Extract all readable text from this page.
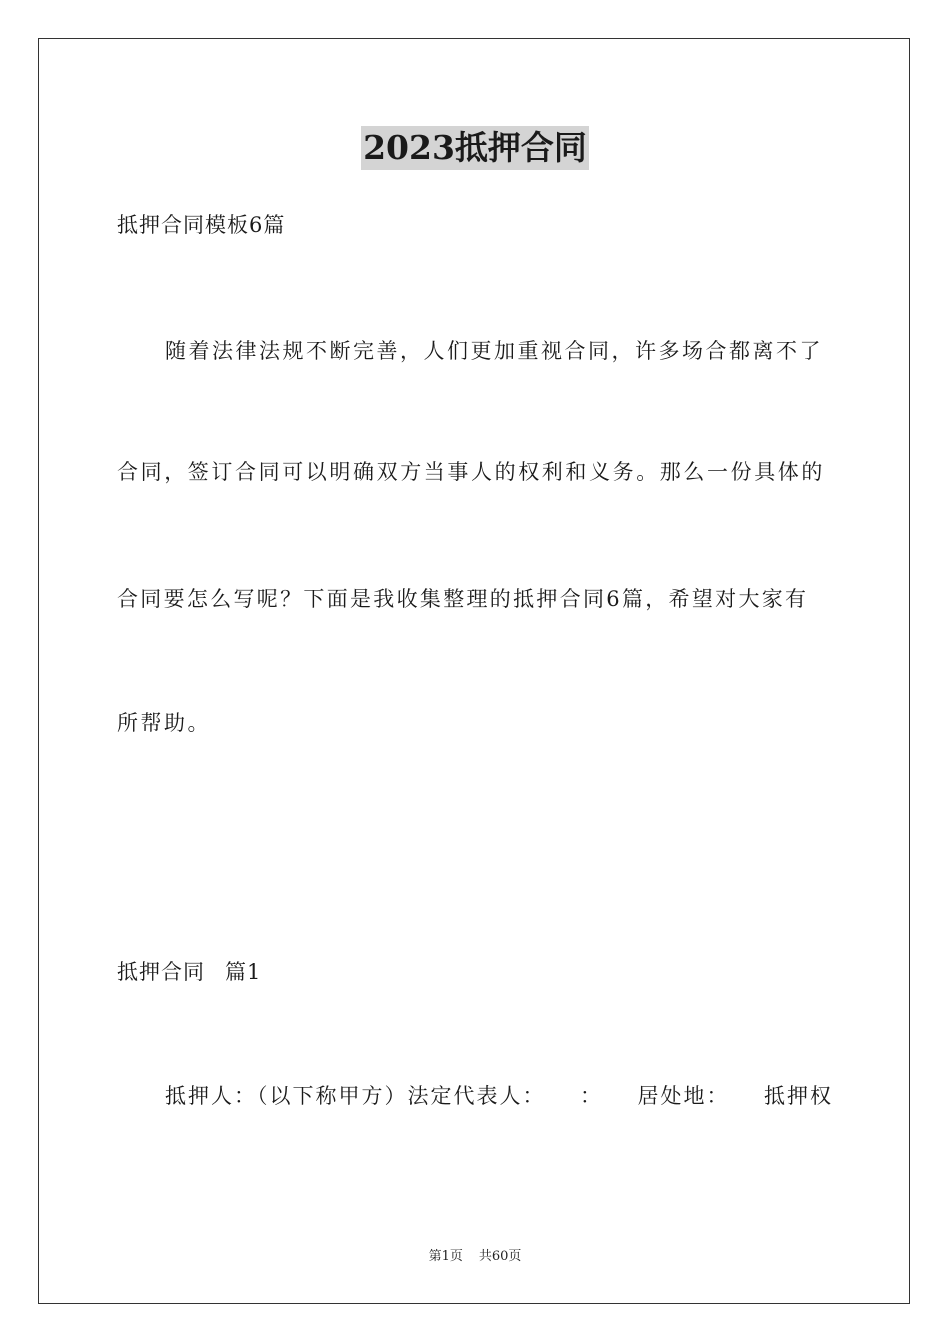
2023抵押合同
抵押合同模板6篇
随着法律法规不断完善，人们更加重视合同，许多场合都离不了
合同，签订合同可以明确双方当事人的权利和义务。那么一份具体的
合同要怎么写呢？下面是我收集整理的抵押合同6篇，希望对大家有
所帮助。
抵押合同 篇1
抵押人：（以下称甲方）法定代表人： ： 居处地： 抵押权
第1页 共60页
